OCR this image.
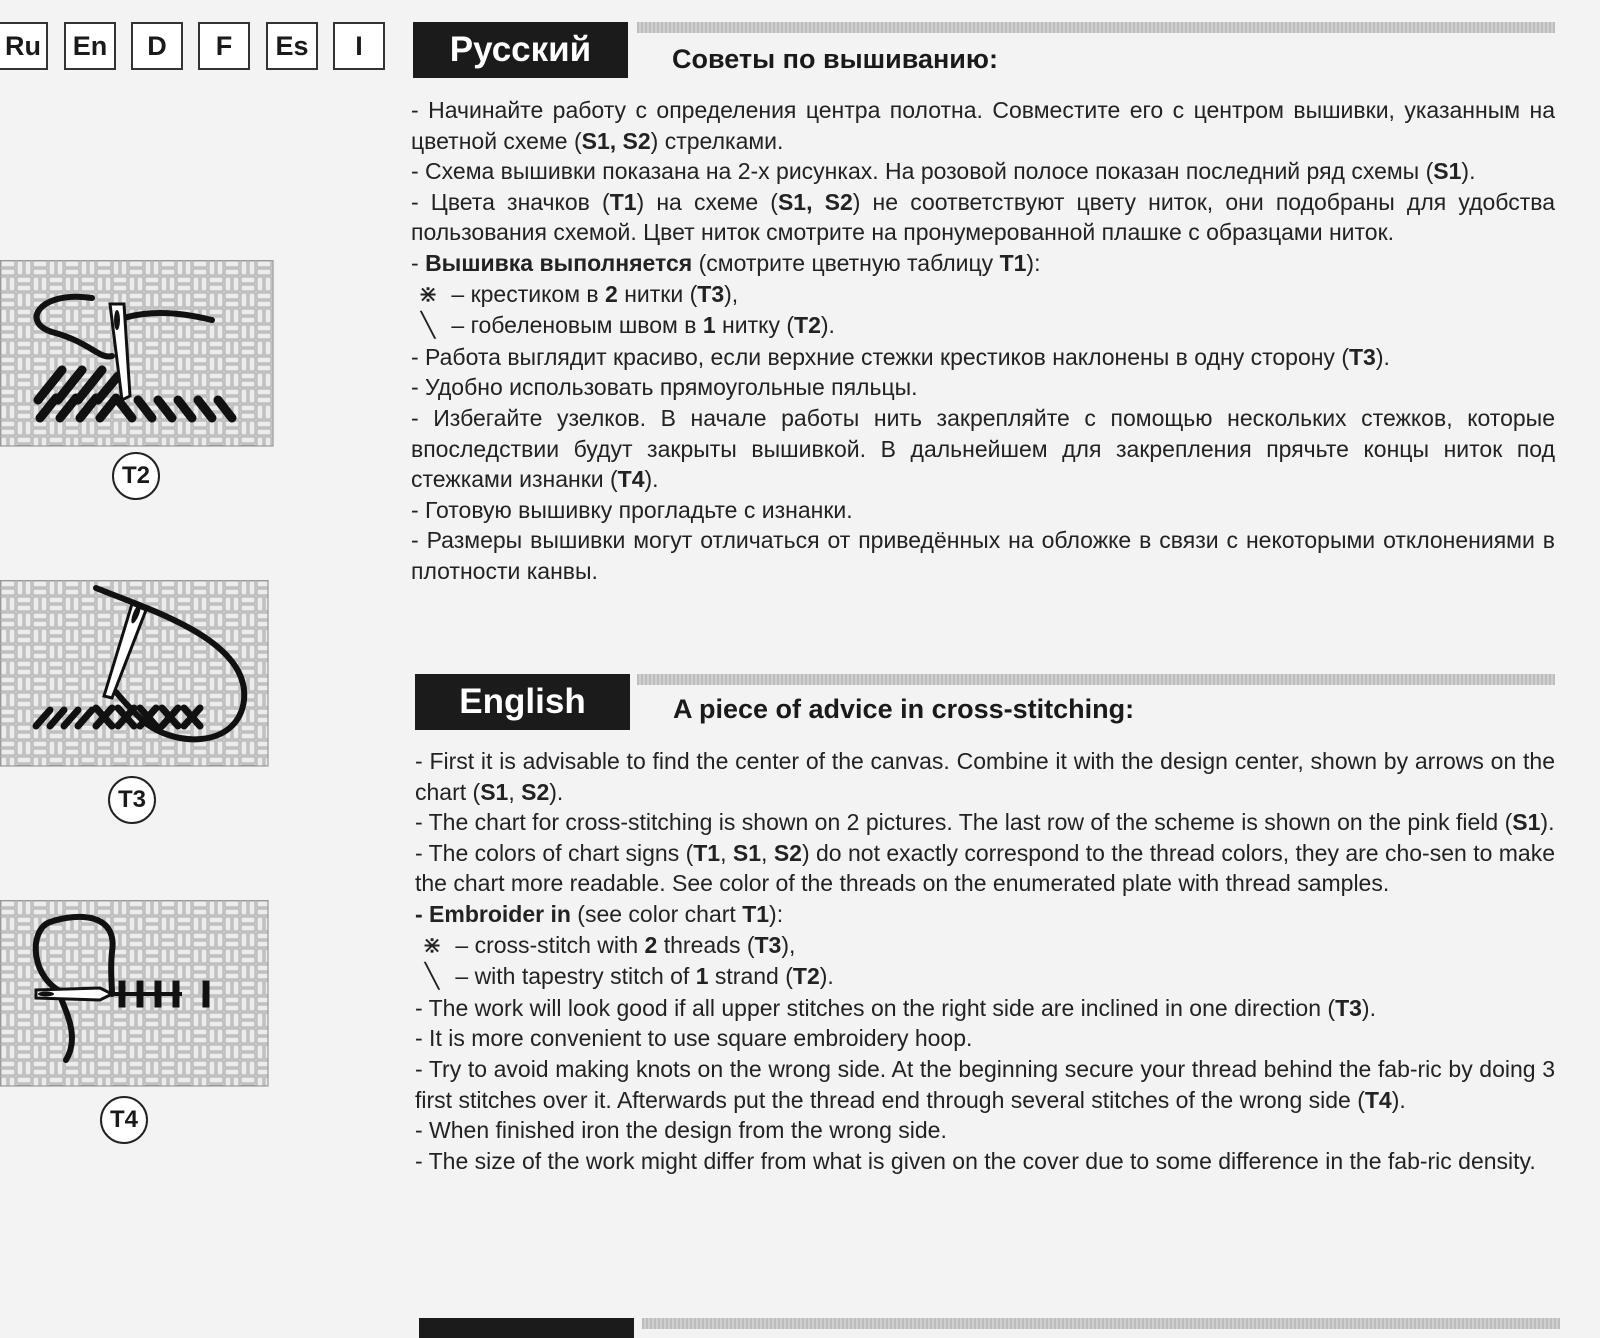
Ru	En	D	F	Es	I
T2
T3
T4
Русский	Советы по вышиванию:

- Начинайте работу с определения центра полотна. Совместите его с центром вышивки, указанным на цветной схеме (S1, S2) стрелками.

- Схема вышивки показана на 2-х рисунках. На розовой полосе показан последний ряд схемы (S1).

- Цвета значков (T1) на схеме (S1, S2) не соответствуют цвету ниток, они подобраны для удобства пользования схемой. Цвет ниток смотрите на пронумерованной плашке с образцами ниток.

- Вышивка выполняется (смотрите цветную таблицу T1):

⋇ – крестиком в 2 нитки (T3),

╲ – гобеленовым швом в 1 нитку (T2).

- Работа выглядит красиво, если верхние стежки крестиков наклонены в одну сторону (T3).

- Удобно использовать прямоугольные пяльцы.

- Избегайте узелков. В начале работы нить закрепляйте с помощью нескольких стежков, которые впоследствии будут закрыты вышивкой. В дальнейшем для закрепления прячьте концы ниток под стежками изнанки (T4).

- Готовую вышивку прогладьте с изнанки.

- Размеры вышивки могут отличаться от приведённых на обложке в связи с некоторыми отклонениями в плотности канвы.

English	A piece of advice in cross-stitching:

- First it is advisable to find the center of the canvas. Combine it with the design center, shown by arrows on the chart (S1, S2).

- The chart for cross-stitching is shown on 2 pictures. The last row of the scheme is shown on the pink field (S1).

- The colors of chart signs (T1, S1, S2) do not exactly correspond to the thread colors, they are cho-sen to make the chart more readable. See color of the threads on the enumerated plate with thread samples.

- Embroider in (see color chart T1):

⋇ – cross-stitch with 2 threads (T3),

╲ – with tapestry stitch of 1 strand (T2).

- The work will look good if all upper stitches on the right side are inclined in one direction (T3).

- It is more convenient to use square embroidery hoop.

- Try to avoid making knots on the wrong side. At the beginning secure your thread behind the fab-ric by doing 3 first stitches over it. Afterwards put the thread end through several stitches of the wrong side (T4).

- When finished iron the design from the wrong side.

- The size of the work might differ from what is given on the cover due to some difference in the fab-ric density.
